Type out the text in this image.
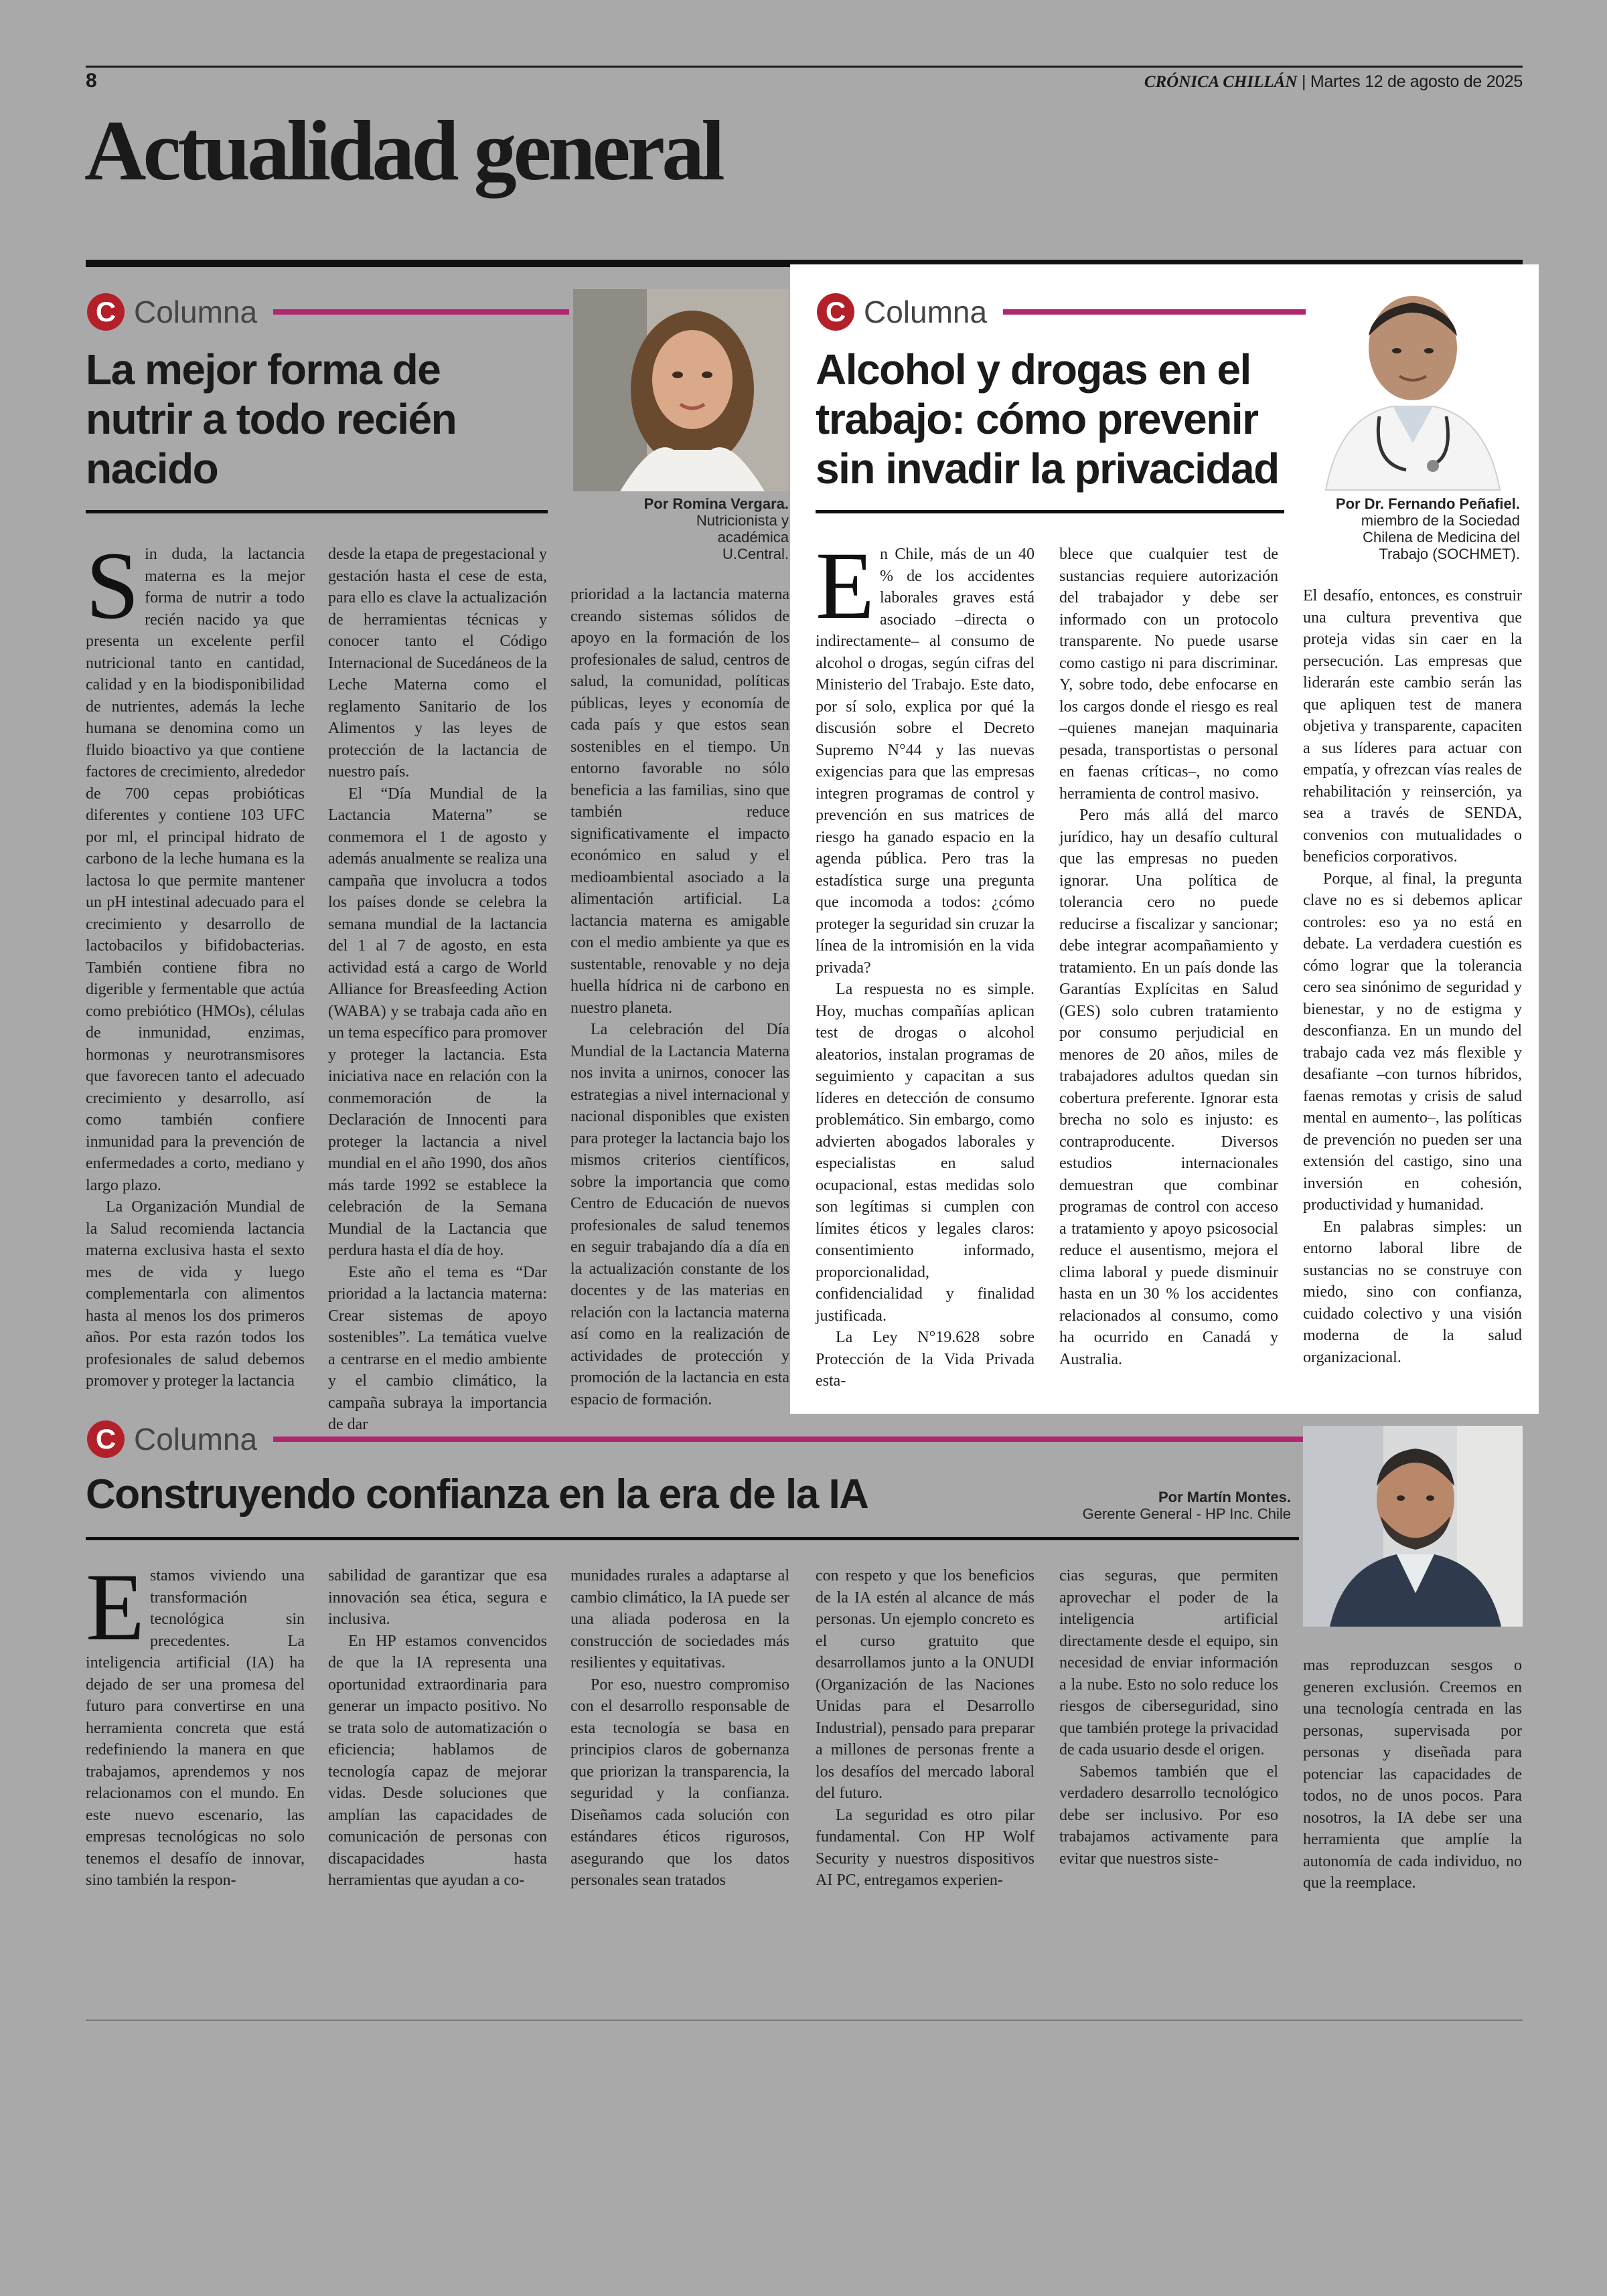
8	CRÓNICA CHILLÁN | Martes 12 de agosto de 2025
Actualidad general
C Columna
La mejor forma de nutrir a todo recién nacido
Por Romina Vergara.
Nutricionista y académica U.Central.
S in duda, la lactancia materna es la mejor forma de nutrir a todo recién nacido ya que presenta un excelente perfil nutricional tanto en cantidad, calidad y en la biodisponibilidad de nutrientes, además la leche humana se denomina como un fluido bioactivo ya que contiene factores de crecimiento, alrededor de 700 cepas probióticas diferentes y contiene 103 UFC por ml, el principal hidrato de carbono de la leche humana es la lactosa lo que permite mantener un pH intestinal adecuado para el crecimiento y desarrollo de lactobacilos y bifidobacterias. También contiene fibra no digerible y fermentable que actúa como prebiótico (HMOs), células de inmunidad, enzimas, hormonas y neurotransmisores que favorecen tanto el adecuado crecimiento y desarrollo, así como también confiere inmunidad para la prevención de enfermedades a corto, mediano y largo plazo.

La Organización Mundial de la Salud recomienda lactancia materna exclusiva hasta el sexto mes de vida y luego complementarla con alimentos hasta al menos los dos primeros años. Por esta razón todos los profesionales de salud debemos promover y proteger la lactancia

desde la etapa de pregestacional y gestación hasta el cese de esta, para ello es clave la actualización de herramientas técnicas y conocer tanto el Código Internacional de Sucedáneos de la Leche Materna como el reglamento Sanitario de los Alimentos y las leyes de protección de la lactancia de nuestro país.

El “Día Mundial de la Lactancia Materna” se conmemora el 1 de agosto y además anualmente se realiza una campaña que involucra a todos los países donde se celebra la semana mundial de la lactancia del 1 al 7 de agosto, en esta actividad está a cargo de World Alliance for Breasfeeding Action (WABA) y se trabaja cada año en un tema específico para promover y proteger la lactancia. Esta iniciativa nace en relación con la conmemoración de la Declaración de Innocenti para proteger la lactancia a nivel mundial en el año 1990, dos años más tarde 1992 se establece la celebración de la Semana Mundial de la Lactancia que perdura hasta el día de hoy.

Este año el tema es “Dar prioridad a la lactancia materna: Crear sistemas de apoyo sostenibles”. La temática vuelve a centrarse en el medio ambiente y el cambio climático, la campaña subraya la importancia de dar

prioridad a la lactancia materna creando sistemas sólidos de apoyo en la formación de los profesionales de salud, centros de salud, la comunidad, políticas públicas, leyes y economía de cada país y que estos sean sostenibles en el tiempo. Un entorno favorable no sólo beneficia a las familias, sino que también reduce significativamente el impacto económico en salud y el medioambiental asociado a la alimentación artificial. La lactancia materna es amigable con el medio ambiente ya que es sustentable, renovable y no deja huella hídrica ni de carbono en nuestro planeta.

La celebración del Día Mundial de la Lactancia Materna nos invita a unirnos, conocer las estrategias a nivel internacional y nacional disponibles que existen para proteger la lactancia bajo los mismos criterios científicos, sobre la importancia que como Centro de Educación de nuevos profesionales de salud tenemos en seguir trabajando día a día en la actualización constante de los docentes y de las materias en relación con la lactancia materna así como en la realización de actividades de protección y promoción de la lactancia en esta espacio de formación.

C Columna
Alcohol y drogas en el trabajo: cómo prevenir sin invadir la privacidad
Por Dr. Fernando Peñafiel.
miembro de la Sociedad Chilena de Medicina del Trabajo (SOCHMET).
E n Chile, más de un 40 % de los accidentes laborales graves está asociado –directa o indirectamente– al consumo de alcohol o drogas, según cifras del Ministerio del Trabajo. Este dato, por sí solo, explica por qué la discusión sobre el Decreto Supremo N°44 y las nuevas exigencias para que las empresas integren programas de control y prevención en sus matrices de riesgo ha ganado espacio en la agenda pública. Pero tras la estadística surge una pregunta que incomoda a todos: ¿cómo proteger la seguridad sin cruzar la línea de la intromisión en la vida privada?

La respuesta no es simple. Hoy, muchas compañías aplican test de drogas o alcohol aleatorios, instalan programas de seguimiento y capacitan a sus líderes en detección de consumo problemático. Sin embargo, como advierten abogados laborales y especialistas en salud ocupacional, estas medidas solo son legítimas si cumplen con límites éticos y legales claros: consentimiento informado, proporcionalidad, confidencialidad y finalidad justificada.

La Ley N°19.628 sobre Protección de la Vida Privada esta-

blece que cualquier test de sustancias requiere autorización del trabajador y debe ser informado con un protocolo transparente. No puede usarse como castigo ni para discriminar. Y, sobre todo, debe enfocarse en los cargos donde el riesgo es real –quienes manejan maquinaria pesada, transportistas o personal en faenas críticas–, no como herramienta de control masivo.

Pero más allá del marco jurídico, hay un desafío cultural que las empresas no pueden ignorar. Una política de tolerancia cero no puede reducirse a fiscalizar y sancionar; debe integrar acompañamiento y tratamiento. En un país donde las Garantías Explícitas en Salud (GES) solo cubren tratamiento por consumo perjudicial en menores de 20 años, miles de trabajadores adultos quedan sin cobertura preferente. Ignorar esta brecha no solo es injusto: es contraproducente. Diversos estudios internacionales demuestran que combinar programas de control con acceso a tratamiento y apoyo psicosocial reduce el ausentismo, mejora el clima laboral y puede disminuir hasta en un 30 % los accidentes relacionados al consumo, como ha ocurrido en Canadá y Australia.

El desafío, entonces, es construir una cultura preventiva que proteja vidas sin caer en la persecución. Las empresas que liderarán este cambio serán las que apliquen test de manera objetiva y transparente, capaciten a sus líderes para actuar con empatía, y ofrezcan vías reales de rehabilitación y reinserción, ya sea a través de SENDA, convenios con mutualidades o beneficios corporativos.

Porque, al final, la pregunta clave no es si debemos aplicar controles: eso ya no está en debate. La verdadera cuestión es cómo lograr que la tolerancia cero sea sinónimo de seguridad y bienestar, y no de estigma y desconfianza. En un mundo del trabajo cada vez más flexible y desafiante –con turnos híbridos, faenas remotas y crisis de salud mental en aumento–, las políticas de prevención no pueden ser una extensión del castigo, sino una inversión en cohesión, productividad y humanidad.

En palabras simples: un entorno laboral libre de sustancias no se construye con miedo, sino con confianza, cuidado colectivo y una visión moderna de la salud organizacional.

C Columna
Construyendo confianza en la era de la IA	Por Martín Montes.
Gerente General - HP Inc. Chile
E stamos viviendo una transformación tecnológica sin precedentes. La inteligencia artificial (IA) ha dejado de ser una promesa del futuro para convertirse en una herramienta concreta que está redefiniendo la manera en que trabajamos, aprendemos y nos relacionamos con el mundo. En este nuevo escenario, las empresas tecnológicas no solo tenemos el desafío de innovar, sino también la respon-

sabilidad de garantizar que esa innovación sea ética, segura e inclusiva.

En HP estamos convencidos de que la IA representa una oportunidad extraordinaria para generar un impacto positivo. No se trata solo de automatización o eficiencia; hablamos de tecnología capaz de mejorar vidas. Desde soluciones que amplían las capacidades de comunicación de personas con discapacidades hasta herramientas que ayudan a co-

munidades rurales a adaptarse al cambio climático, la IA puede ser una aliada poderosa en la construcción de sociedades más resilientes y equitativas.

Por eso, nuestro compromiso con el desarrollo responsable de esta tecnología se basa en principios claros de gobernanza que priorizan la transparencia, la seguridad y la confianza. Diseñamos cada solución con estándares éticos rigurosos, asegurando que los datos personales sean tratados

con respeto y que los beneficios de la IA estén al alcance de más personas. Un ejemplo concreto es el curso gratuito que desarrollamos junto a la ONUDI (Organización de las Naciones Unidas para el Desarrollo Industrial), pensado para preparar a millones de personas frente a los desafíos del mercado laboral del futuro.

La seguridad es otro pilar fundamental. Con HP Wolf Security y nuestros dispositivos AI PC, entregamos experien-

cias seguras, que permiten aprovechar el poder de la inteligencia artificial directamente desde el equipo, sin necesidad de enviar información a la nube. Esto no solo reduce los riesgos de ciberseguridad, sino que también protege la privacidad de cada usuario desde el origen.

Sabemos también que el verdadero desarrollo tecnológico debe ser inclusivo. Por eso trabajamos activamente para evitar que nuestros siste-

mas reproduzcan sesgos o generen exclusión. Creemos en una tecnología centrada en las personas, supervisada por personas y diseñada para potenciar las capacidades de todos, no de unos pocos. Para nosotros, la IA debe ser una herramienta que amplíe la autonomía de cada individuo, no que la reemplace.
